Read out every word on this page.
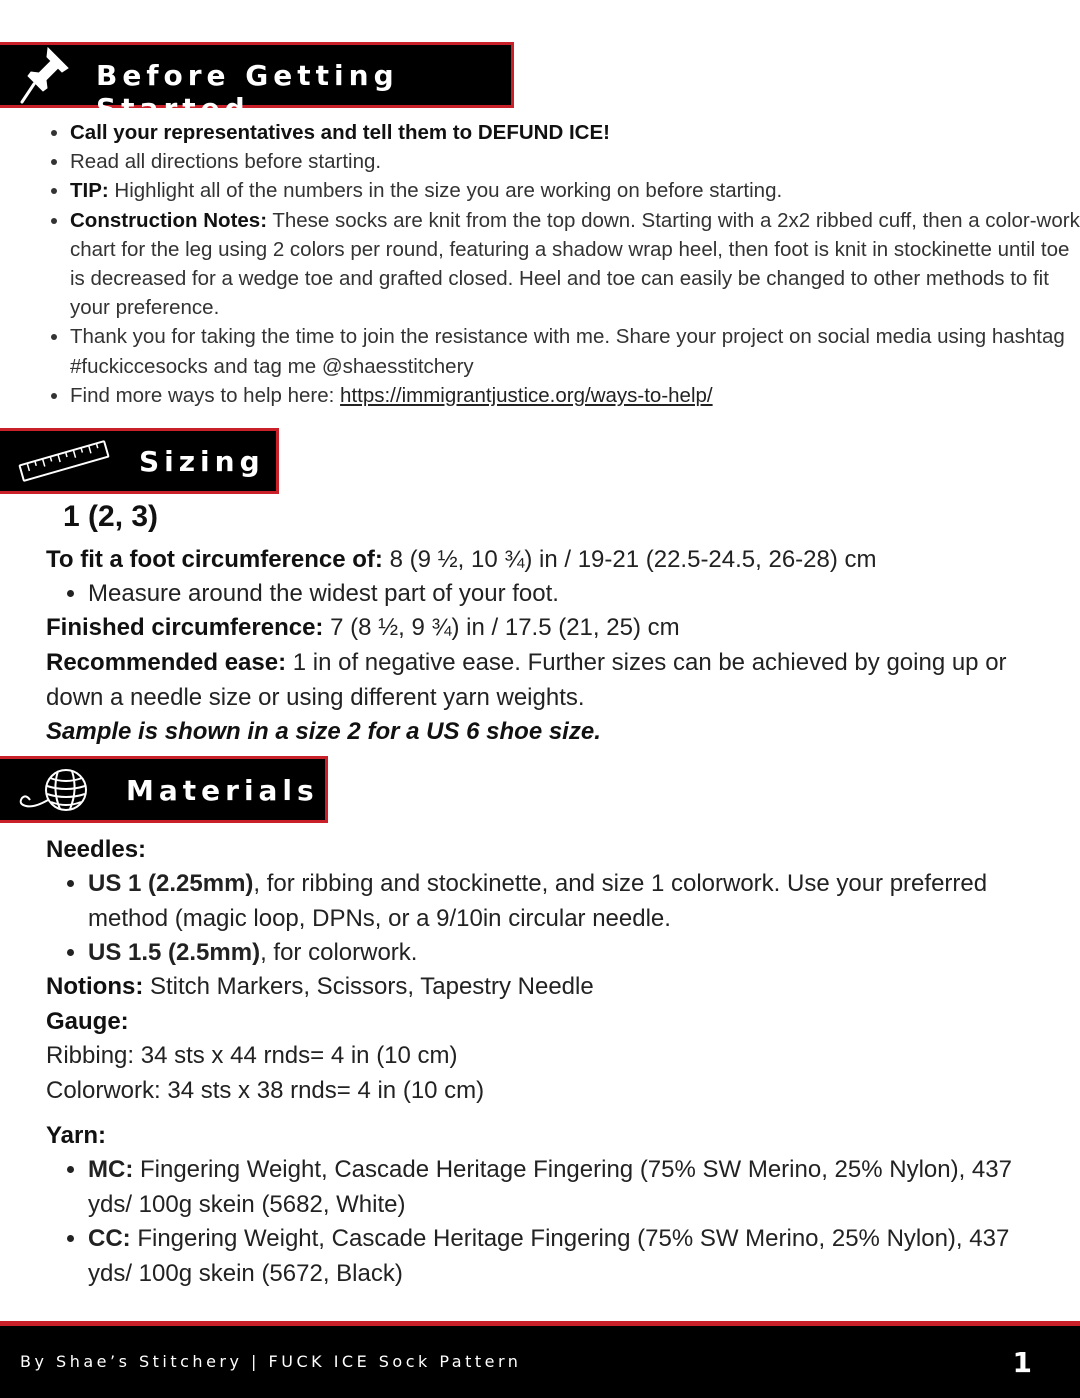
Before Getting Started
• Call your representatives and tell them to DEFUND ICE!
• Read all directions before starting.
• TIP: Highlight all of the numbers in the size you are working on before starting.
• Construction Notes: These socks are knit from the top down. Starting with a 2x2 ribbed cuff, then a color-work chart for the leg using 2 colors per round, featuring a shadow wrap heel, then foot is knit in stockinette until toe is decreased for a wedge toe and grafted closed. Heel and toe can easily be changed to other methods to fit your preference.
• Thank you for taking the time to join the resistance with me. Share your project on social media using hashtag #fuckiccesocks and tag me @shaesstitchery
• Find more ways to help here: https://immigrantjustice.org/ways-to-help/
Sizing
1 (2, 3)
To fit a foot circumference of: 8 (9 ½, 10 ¾) in / 19-21 (22.5-24.5, 26-28) cm
• Measure around the widest part of your foot.
Finished circumference: 7 (8 ½, 9 ¾) in / 17.5 (21, 25) cm
Recommended ease: 1 in of negative ease. Further sizes can be achieved by going up or down a needle size or using different yarn weights.
Sample is shown in a size 2 for a US 6 shoe size.
Materials
Needles:
• US 1 (2.25mm), for ribbing and stockinette, and size 1 colorwork. Use your preferred method (magic loop, DPNs, or a 9/10in circular needle.
• US 1.5 (2.5mm), for colorwork.
Notions: Stitch Markers, Scissors, Tapestry Needle
Gauge:
Ribbing: 34 sts x 44 rnds= 4 in (10 cm)
Colorwork: 34 sts x 38 rnds= 4 in (10 cm)
Yarn:
• MC: Fingering Weight, Cascade Heritage Fingering (75% SW Merino, 25% Nylon), 437 yds/ 100g skein (5682, White)
• CC: Fingering Weight, Cascade Heritage Fingering (75% SW Merino, 25% Nylon), 437 yds/ 100g skein (5672, Black)
By Shae’s Stitchery | FUCK ICE Sock Pattern	1
